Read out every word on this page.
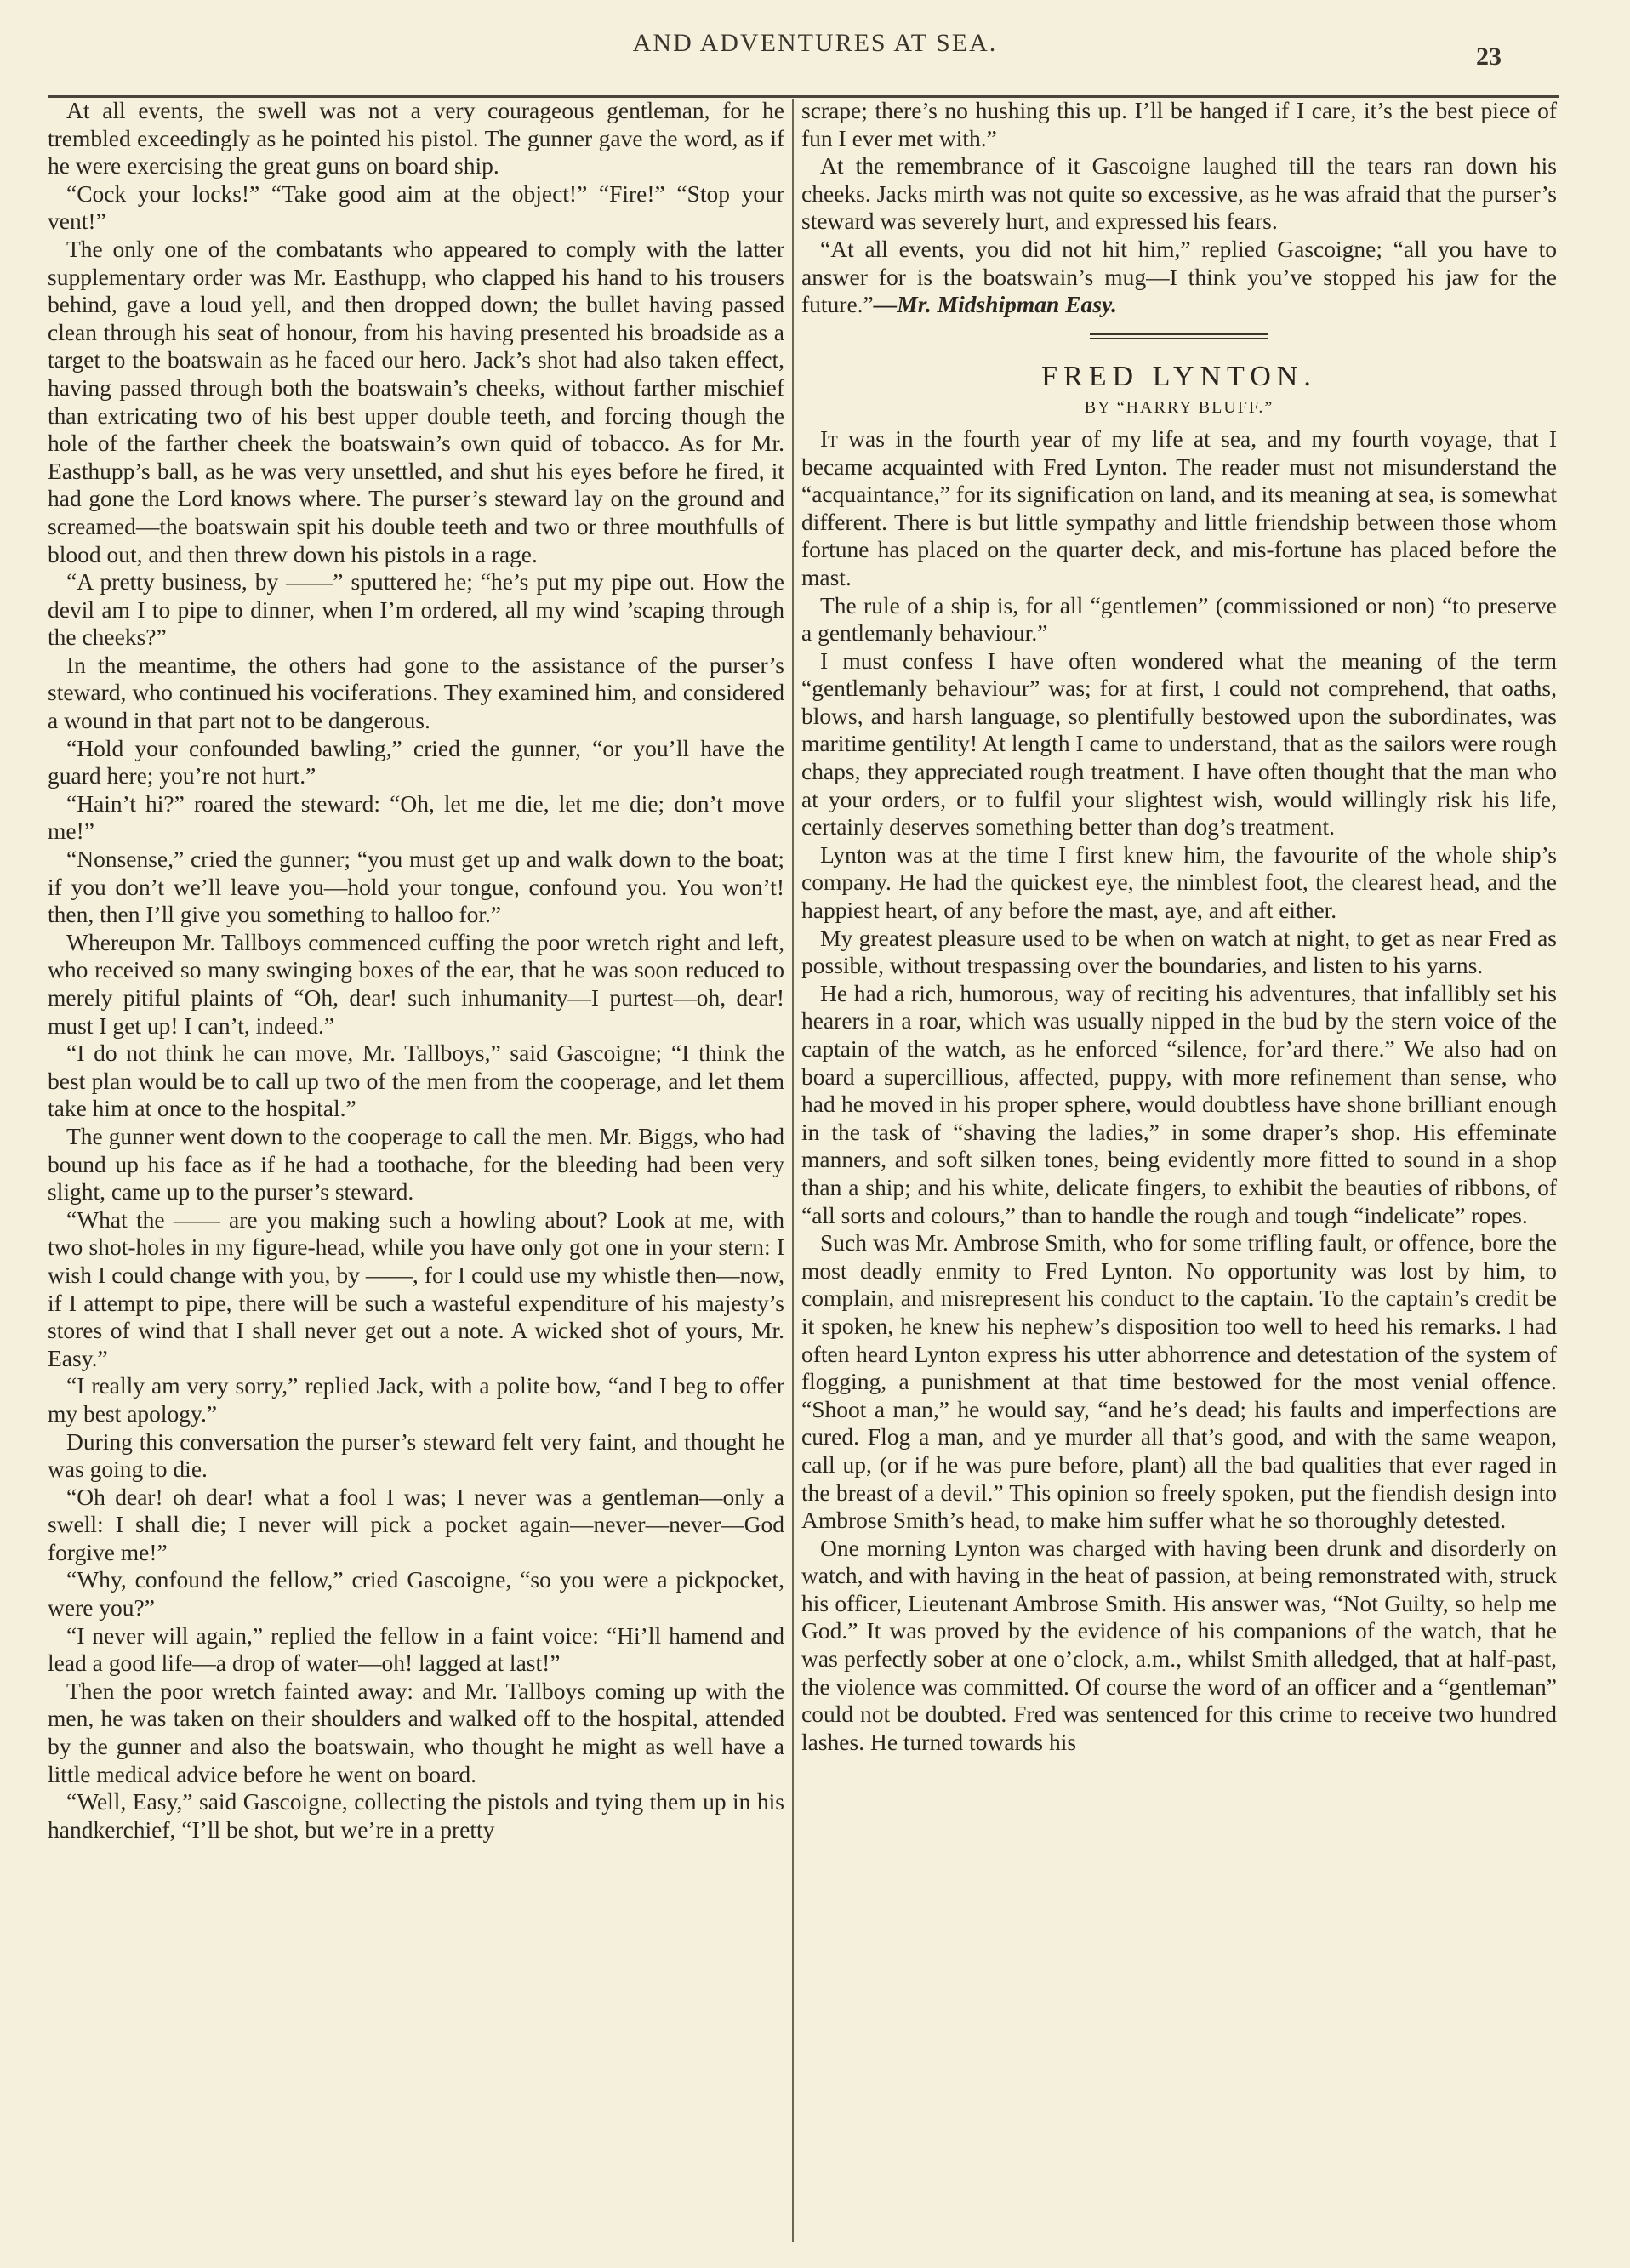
AND ADVENTURES AT SEA.	23

At all events, the swell was not a very courageous gentleman, for he trembled exceedingly as he pointed his pistol. The gunner gave the word, as if he were exercising the great guns on board ship.

“Cock your locks!” “Take good aim at the object!” “Fire!” “Stop your vent!”

The only one of the combatants who appeared to comply with the latter supplementary order was Mr. Easthupp, who clapped his hand to his trousers behind, gave a loud yell, and then dropped down; the bullet having passed clean through his seat of honour, from his having presented his broadside as a target to the boatswain as he faced our hero. Jack’s shot had also taken effect, having passed through both the boatswain’s cheeks, without farther mischief than extricating two of his best upper double teeth, and forcing though the hole of the farther cheek the boatswain’s own quid of tobacco. As for Mr. Easthupp’s ball, as he was very unsettled, and shut his eyes before he fired, it had gone the Lord knows where. The purser’s steward lay on the ground and screamed—the boatswain spit his double teeth and two or three mouthfulls of blood out, and then threw down his pistols in a rage.

“A pretty business, by ——” sputtered he; “he’s put my pipe out. How the devil am I to pipe to dinner, when I’m ordered, all my wind ’scaping through the cheeks?”

In the meantime, the others had gone to the assistance of the purser’s steward, who continued his vociferations. They examined him, and considered a wound in that part not to be dangerous.

“Hold your confounded bawling,” cried the gunner, “or you’ll have the guard here; you’re not hurt.”

“Hain’t hi?” roared the steward: “Oh, let me die, let me die; don’t move me!”

“Nonsense,” cried the gunner; “you must get up and walk down to the boat; if you don’t we’ll leave you—hold your tongue, confound you. You won’t! then, then I’ll give you something to halloo for.”

Whereupon Mr. Tallboys commenced cuffing the poor wretch right and left, who received so many swinging boxes of the ear, that he was soon reduced to merely pitiful plaints of “Oh, dear! such inhumanity—I purtest—oh, dear! must I get up! I can’t, indeed.”

“I do not think he can move, Mr. Tallboys,” said Gascoigne; “I think the best plan would be to call up two of the men from the cooperage, and let them take him at once to the hospital.”

The gunner went down to the cooperage to call the men. Mr. Biggs, who had bound up his face as if he had a toothache, for the bleeding had been very slight, came up to the purser’s steward.

“What the —— are you making such a howling about? Look at me, with two shot-holes in my figure-head, while you have only got one in your stern: I wish I could change with you, by ——, for I could use my whistle then—now, if I attempt to pipe, there will be such a wasteful expenditure of his majesty’s stores of wind that I shall never get out a note. A wicked shot of yours, Mr. Easy.”

“I really am very sorry,” replied Jack, with a polite bow, “and I beg to offer my best apology.”

During this conversation the purser’s steward felt very faint, and thought he was going to die.

“Oh dear! oh dear! what a fool I was; I never was a gentleman—only a swell: I shall die; I never will pick a pocket again—never—never—God forgive me!”

“Why, confound the fellow,” cried Gascoigne, “so you were a pickpocket, were you?”

“I never will again,” replied the fellow in a faint voice: “Hi’ll hamend and lead a good life—a drop of water—oh! lagged at last!”

Then the poor wretch fainted away: and Mr. Tallboys coming up with the men, he was taken on their shoulders and walked off to the hospital, attended by the gunner and also the boatswain, who thought he might as well have a little medical advice before he went on board.

“Well, Easy,” said Gascoigne, collecting the pistols and tying them up in his handkerchief, “I’ll be shot, but we’re in a pretty

scrape; there’s no hushing this up. I’ll be hanged if I care, it’s the best piece of fun I ever met with.”

At the remembrance of it Gascoigne laughed till the tears ran down his cheeks. Jacks mirth was not quite so excessive, as he was afraid that the purser’s steward was severely hurt, and expressed his fears.

“At all events, you did not hit him,” replied Gascoigne; “all you have to answer for is the boatswain’s mug—I think you’ve stopped his jaw for the future.”—Mr. Midshipman Easy.

FRED LYNTON.
BY “HARRY BLUFF.”

It was in the fourth year of my life at sea, and my fourth voyage, that I became acquainted with Fred Lynton. The reader must not misunderstand the “acquaintance,” for its signification on land, and its meaning at sea, is somewhat different. There is but little sympathy and little friendship between those whom fortune has placed on the quarter deck, and mis-fortune has placed before the mast.

The rule of a ship is, for all “gentlemen” (commissioned or non) “to preserve a gentlemanly behaviour.”

I must confess I have often wondered what the meaning of the term “gentlemanly behaviour” was; for at first, I could not comprehend, that oaths, blows, and harsh language, so plentifully bestowed upon the subordinates, was maritime gentility! At length I came to understand, that as the sailors were rough chaps, they appreciated rough treatment. I have often thought that the man who at your orders, or to fulfil your slightest wish, would willingly risk his life, certainly deserves something better than dog’s treatment.

Lynton was at the time I first knew him, the favourite of the whole ship’s company. He had the quickest eye, the nimblest foot, the clearest head, and the happiest heart, of any before the mast, aye, and aft either.

My greatest pleasure used to be when on watch at night, to get as near Fred as possible, without trespassing over the boundaries, and listen to his yarns.

He had a rich, humorous, way of reciting his adventures, that infallibly set his hearers in a roar, which was usually nipped in the bud by the stern voice of the captain of the watch, as he enforced “silence, for’ard there.” We also had on board a supercillious, affected, puppy, with more refinement than sense, who had he moved in his proper sphere, would doubtless have shone brilliant enough in the task of “shaving the ladies,” in some draper’s shop. His effeminate manners, and soft silken tones, being evidently more fitted to sound in a shop than a ship; and his white, delicate fingers, to exhibit the beauties of ribbons, of “all sorts and colours,” than to handle the rough and tough “indelicate” ropes.

Such was Mr. Ambrose Smith, who for some trifling fault, or offence, bore the most deadly enmity to Fred Lynton. No opportunity was lost by him, to complain, and misrepresent his conduct to the captain. To the captain’s credit be it spoken, he knew his nephew’s disposition too well to heed his remarks. I had often heard Lynton express his utter abhorrence and detestation of the system of flogging, a punishment at that time bestowed for the most venial offence. “Shoot a man,” he would say, “and he’s dead; his faults and imperfections are cured. Flog a man, and ye murder all that’s good, and with the same weapon, call up, (or if he was pure before, plant) all the bad qualities that ever raged in the breast of a devil.” This opinion so freely spoken, put the fiendish design into Ambrose Smith’s head, to make him suffer what he so thoroughly detested.

One morning Lynton was charged with having been drunk and disorderly on watch, and with having in the heat of passion, at being remonstrated with, struck his officer, Lieutenant Ambrose Smith. His answer was, “Not Guilty, so help me God.” It was proved by the evidence of his companions of the watch, that he was perfectly sober at one o’clock, a.m., whilst Smith alledged, that at half-past, the violence was committed. Of course the word of an officer and a “gentleman” could not be doubted. Fred was sentenced for this crime to receive two hundred lashes. He turned towards his
